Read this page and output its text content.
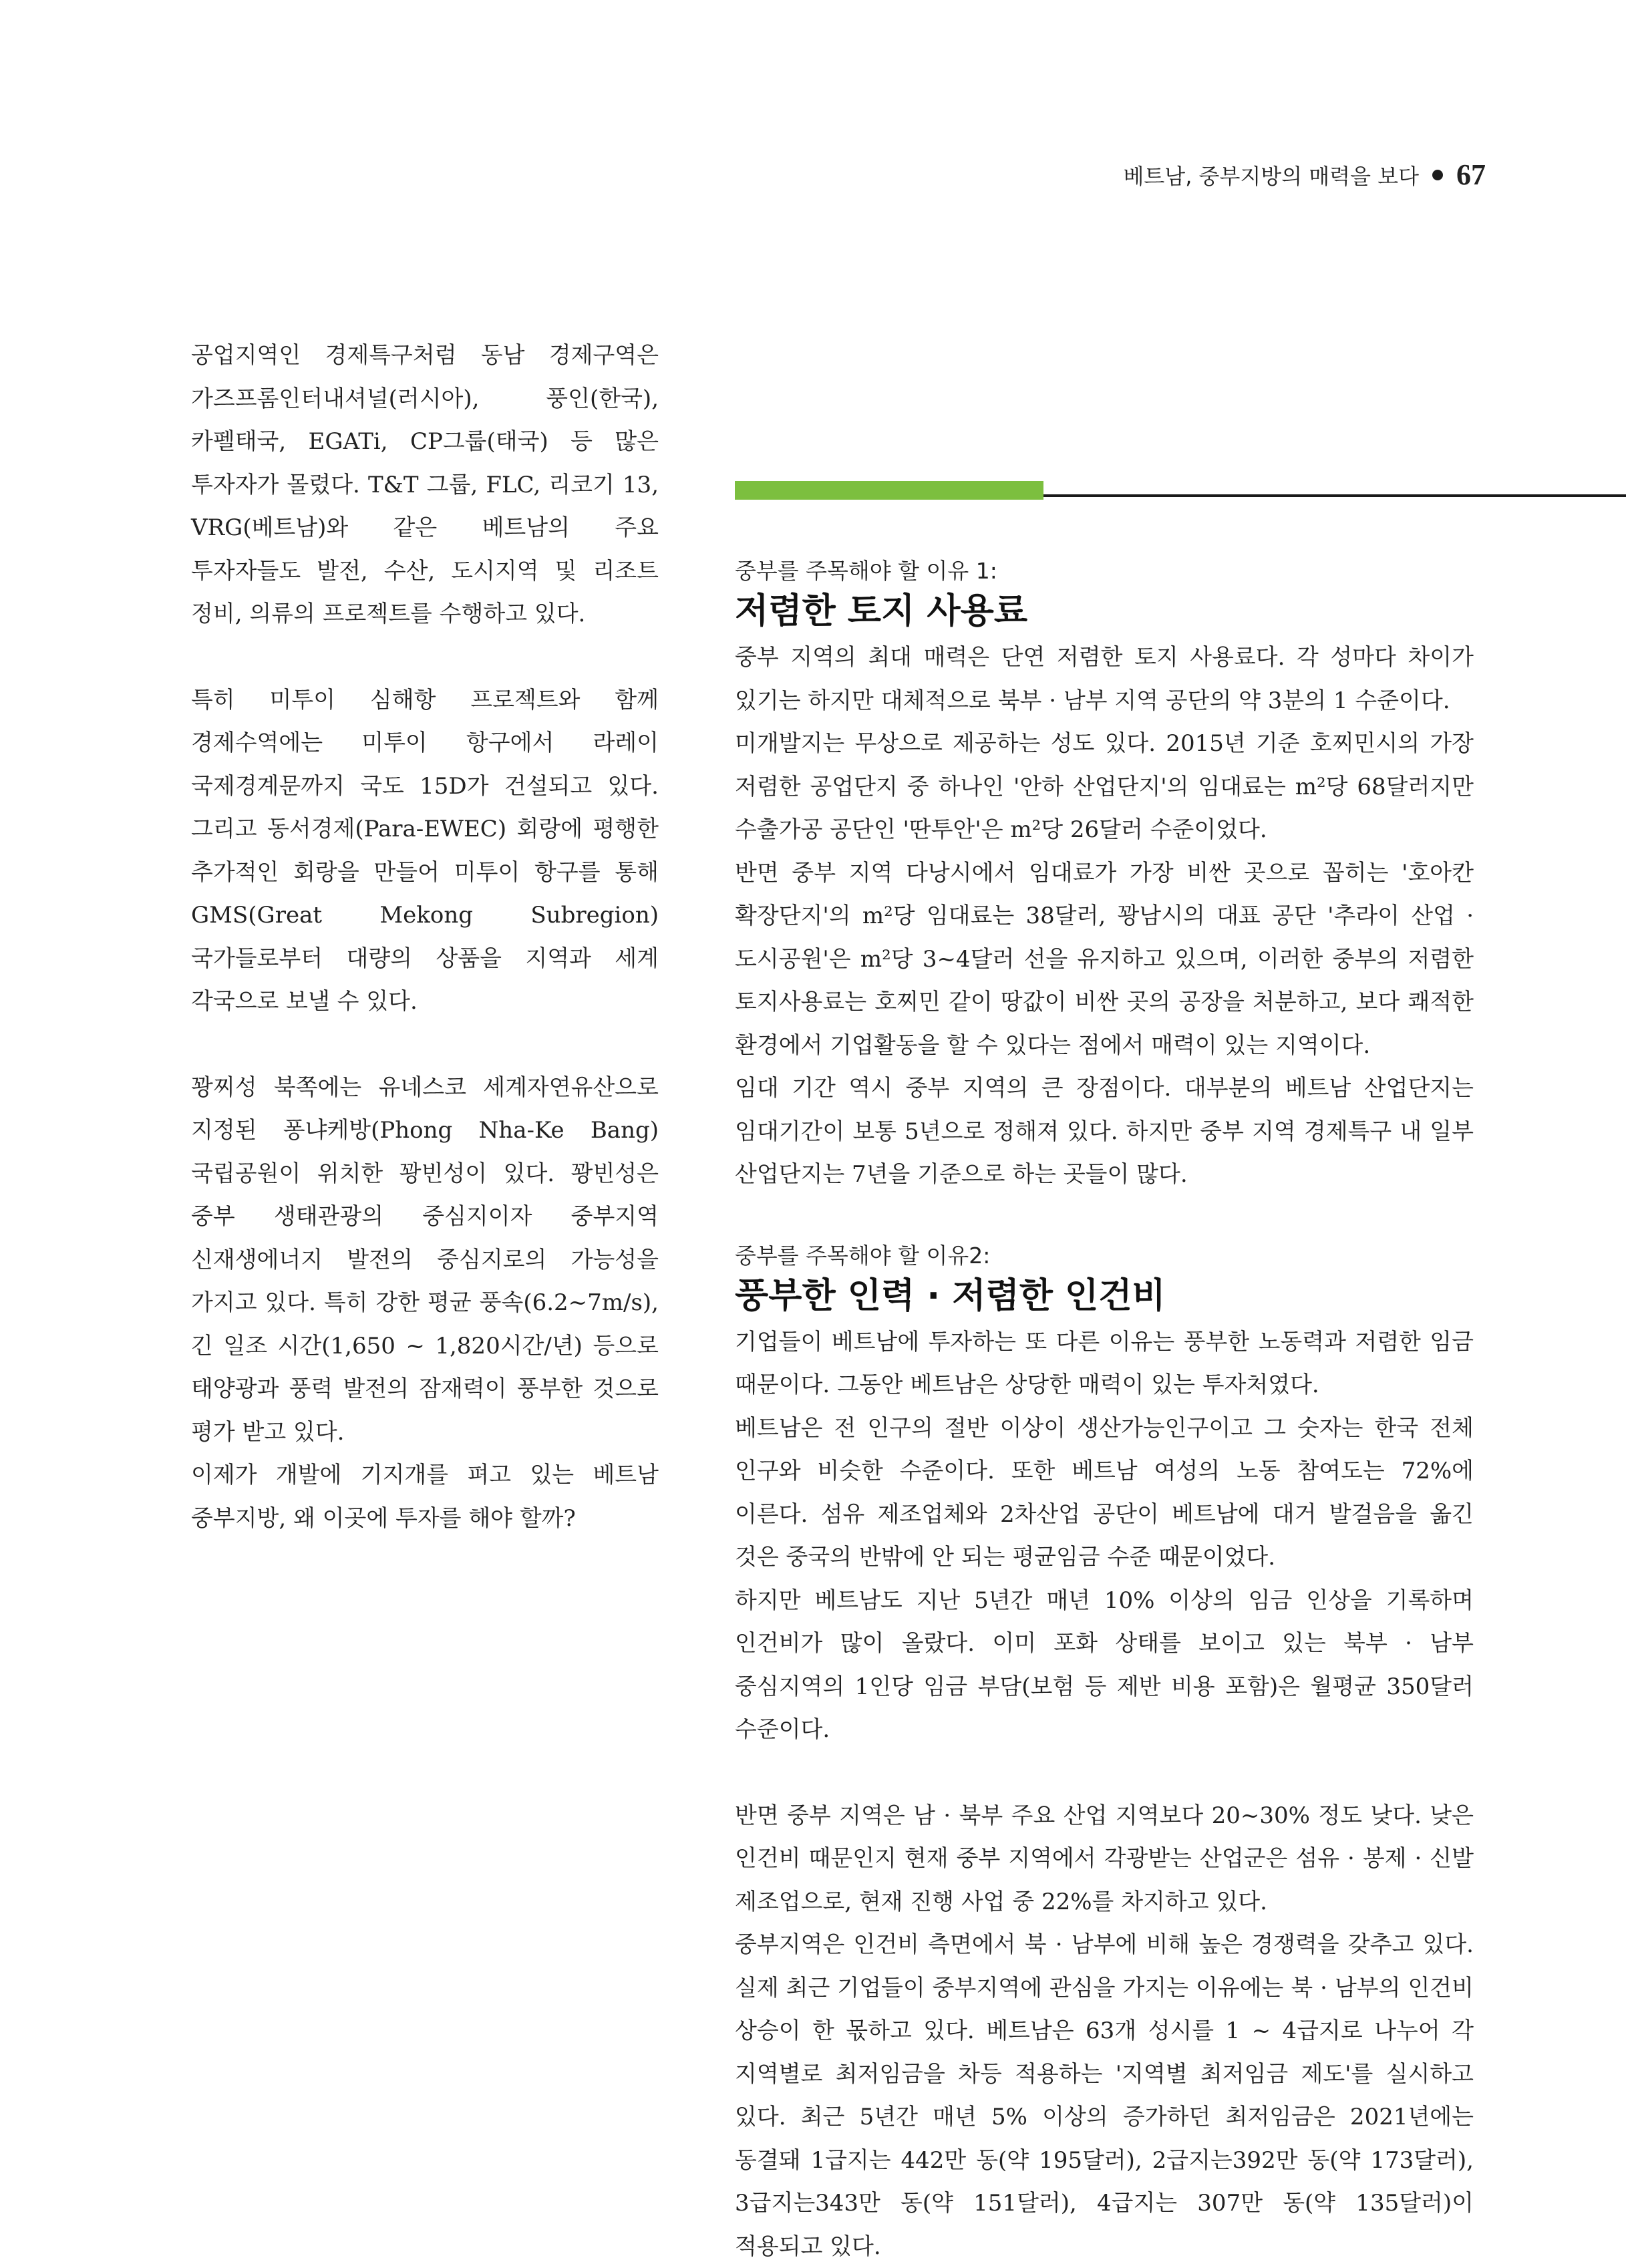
베트남, 중부지방의 매력을 보다 67

공업지역인 경제특구처럼 동남 경제구역은 가즈프롬인터내셔널(러시아), 풍인(한국), 카펠태국, EGATi, CP그룹(태국) 등 많은 투자자가 몰렸다. T&T 그룹, FLC, 리코기 13, VRG(베트남)와 같은 베트남의 주요 투자자들도 발전, 수산, 도시지역 및 리조트 정비, 의류의 프로젝트를 수행하고 있다.

특히 미투이 심해항 프로젝트와 함께 경제수역에는 미투이 항구에서 라레이 국제경계문까지 국도 15D가 건설되고 있다. 그리고 동서경제(Para-EWEC) 회랑에 평행한 추가적인 회랑을 만들어 미투이 항구를 통해 GMS(Great Mekong Subregion) 국가들로부터 대량의 상품을 지역과 세계 각국으로 보낼 수 있다.

꽝찌성 북쪽에는 유네스코 세계자연유산으로 지정된 퐁냐케방(Phong Nha-Ke Bang) 국립공원이 위치한 꽝빈성이 있다. 꽝빈성은 중부 생태관광의 중심지이자 중부지역 신재생에너지 발전의 중심지로의 가능성을 가지고 있다. 특히 강한 평균 풍속(6.2~7m/s), 긴 일조 시간(1,650 ~ 1,820시간/년) 등으로 태양광과 풍력 발전의 잠재력이 풍부한 것으로 평가 받고 있다.

이제가 개발에 기지개를 펴고 있는 베트남 중부지방, 왜 이곳에 투자를 해야 할까?

중부를 주목해야 할 이유 1:

저렴한 토지 사용료

중부 지역의 최대 매력은 단연 저렴한 토지 사용료다. 각 성마다 차이가 있기는 하지만 대체적으로 북부 · 남부 지역 공단의 약 3분의 1 수준이다.

미개발지는 무상으로 제공하는 성도 있다. 2015년 기준 호찌민시의 가장 저렴한 공업단지 중 하나인 '안하 산업단지'의 임대료는 m²당 68달러지만 수출가공 공단인 '딴투안'은 m²당 26달러 수준이었다.

반면 중부 지역 다낭시에서 임대료가 가장 비싼 곳으로 꼽히는 '호아칸 확장단지'의 m²당 임대료는 38달러, 꽝남시의 대표 공단 '추라이 산업 · 도시공원'은 m²당 3~4달러 선을 유지하고 있으며, 이러한 중부의 저렴한 토지사용료는 호찌민 같이 땅값이 비싼 곳의 공장을 처분하고, 보다 쾌적한 환경에서 기업활동을 할 수 있다는 점에서 매력이 있는 지역이다.

임대 기간 역시 중부 지역의 큰 장점이다. 대부분의 베트남 산업단지는 임대기간이 보통 5년으로 정해져 있다. 하지만 중부 지역 경제특구 내 일부 산업단지는 7년을 기준으로 하는 곳들이 많다.

중부를 주목해야 할 이유2:

풍부한 인력 · 저렴한 인건비

기업들이 베트남에 투자하는 또 다른 이유는 풍부한 노동력과 저렴한 임금 때문이다. 그동안 베트남은 상당한 매력이 있는 투자처였다.

베트남은 전 인구의 절반 이상이 생산가능인구이고 그 숫자는 한국 전체 인구와 비슷한 수준이다. 또한 베트남 여성의 노동 참여도는 72%에 이른다. 섬유 제조업체와 2차산업 공단이 베트남에 대거 발걸음을 옮긴 것은 중국의 반밖에 안 되는 평균임금 수준 때문이었다.

하지만 베트남도 지난 5년간 매년 10% 이상의 임금 인상을 기록하며 인건비가 많이 올랐다. 이미 포화 상태를 보이고 있는 북부 · 남부 중심지역의 1인당 임금 부담(보험 등 제반 비용 포함)은 월평균 350달러 수준이다.

반면 중부 지역은 남 · 북부 주요 산업 지역보다 20~30% 정도 낮다. 낮은 인건비 때문인지 현재 중부 지역에서 각광받는 산업군은 섬유 · 봉제 · 신발 제조업으로, 현재 진행 사업 중 22%를 차지하고 있다.

중부지역은 인건비 측면에서 북 · 남부에 비해 높은 경쟁력을 갖추고 있다. 실제 최근 기업들이 중부지역에 관심을 가지는 이유에는 북 · 남부의 인건비 상승이 한 몫하고 있다. 베트남은 63개 성시를 1 ~ 4급지로 나누어 각 지역별로 최저임금을 차등 적용하는 '지역별 최저임금 제도'를 실시하고 있다. 최근 5년간 매년 5% 이상의 증가하던 최저임금은 2021년에는 동결돼 1급지는 442만 동(약 195달러), 2급지는392만 동(약 173달러), 3급지는343만 동(약 151달러), 4급지는 307만 동(약 135달러)이 적용되고 있다.
